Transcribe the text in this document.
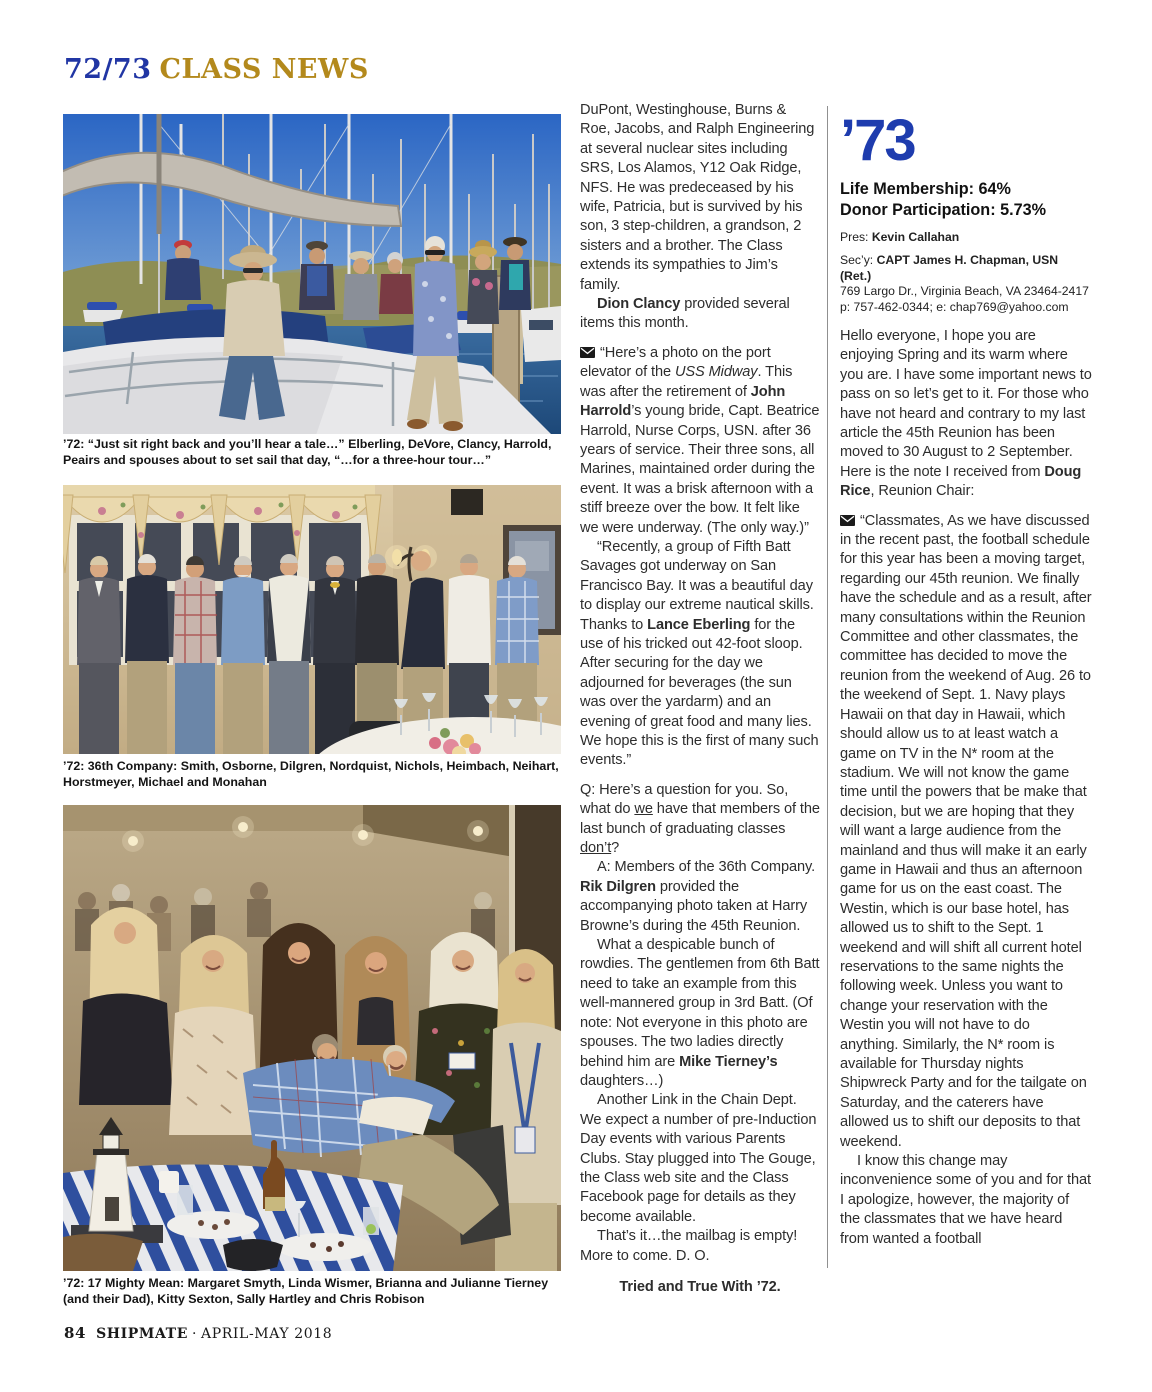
72/73 CLASS NEWS
’72: “Just sit right back and you’ll hear a tale…” Elberling, DeVore, Clancy, Harrold, Peairs and spouses about to set sail that day, “…for a three-hour tour…”
’72: 36th Company: Smith, Osborne, Dilgren, Nordquist, Nichols, Heimbach, Neihart, Horstmeyer, Michael and Monahan
’72: 17 Mighty Mean: Margaret Smyth, Linda Wismer, Brianna and Julianne Tierney (and their Dad), Kitty Sexton, Sally Hartley and Chris Robison

DuPont, Westinghouse, Burns & Roe, Jacobs, and Ralph Engineering at several nuclear sites including SRS, Los Alamos, Y12 Oak Ridge, NFS. He was predeceased by his wife, Patricia, but is survived by his son, 3 step-children, a grandson, 2 sisters and a brother. The Class extends its sympathies to Jim’s family.

Dion Clancy provided several items this month.

“Here’s a photo on the port elevator of the USS Midway. This was after the retirement of John Harrold’s young bride, Capt. Beatrice Harrold, Nurse Corps, USN. after 36 years of service. Their three sons, all Marines, maintained order during the event. It was a brisk afternoon with a stiff breeze over the bow. It felt like we were underway. (The only way.)”

“Recently, a group of Fifth Batt Savages got underway on San Francisco Bay. It was a beautiful day to display our extreme nautical skills. Thanks to Lance Eberling for the use of his tricked out 42-foot sloop. After securing for the day we adjourned for beverages (the sun was over the yardarm) and an evening of great food and many lies. We hope this is the first of many such events.”

Q: Here’s a question for you. So, what do we have that members of the last bunch of graduating classes don’t?

A: Members of the 36th Company. Rik Dilgren provided the accompanying photo taken at Harry Browne’s during the 45th Reunion.

What a despicable bunch of rowdies. The gentlemen from 6th Batt need to take an example from this well-mannered group in 3rd Batt. (Of note: Not everyone in this photo are spouses. The two ladies directly behind him are Mike Tierney’s daughters…)

Another Link in the Chain Dept. We expect a number of pre-Induction Day events with various Parents Clubs. Stay plugged into The Gouge, the Class web site and the Class Facebook page for details as they become available.

That’s it…the mailbag is empty! More to come. D. O.

Tried and True With ’72.

’73
Life Membership: 64%
Donor Participation: 5.73%
Pres: Kevin Callahan
Sec’y: CAPT James H. Chapman, USN (Ret.)
769 Largo Dr., Virginia Beach, VA 23464-2417
p: 757-462-0344; e: chap769@yahoo.com

Hello everyone, I hope you are enjoying Spring and its warm where you are. I have some important news to pass on so let’s get to it. For those who have not heard and contrary to my last article the 45th Reunion has been moved to 30 August to 2 September. Here is the note I received from Doug Rice, Reunion Chair:

“Classmates, As we have discussed in the recent past, the football schedule for this year has been a moving target, regarding our 45th reunion. We finally have the schedule and as a result, after many consultations within the Reunion Committee and other classmates, the committee has decided to move the reunion from the weekend of Aug. 26 to the weekend of Sept. 1. Navy plays Hawaii on that day in Hawaii, which should allow us to at least watch a game on TV in the N* room at the stadium. We will not know the game time until the powers that be make that decision, but we are hoping that they will want a large audience from the mainland and thus will make it an early game in Hawaii and thus an afternoon game for us on the east coast. The Westin, which is our base hotel, has allowed us to shift to the Sept. 1 weekend and will shift all current hotel reservations to the same nights the following week. Unless you want to change your reservation with the Westin you will not have to do anything. Similarly, the N* room is available for Thursday nights Shipwreck Party and for the tailgate on Saturday, and the caterers have allowed us to shift our deposits to that weekend.

I know this change may inconvenience some of you and for that I apologize, however, the majority of the classmates that we have heard from wanted a football

84 SHIPMATE · APRIL-MAY 2018
